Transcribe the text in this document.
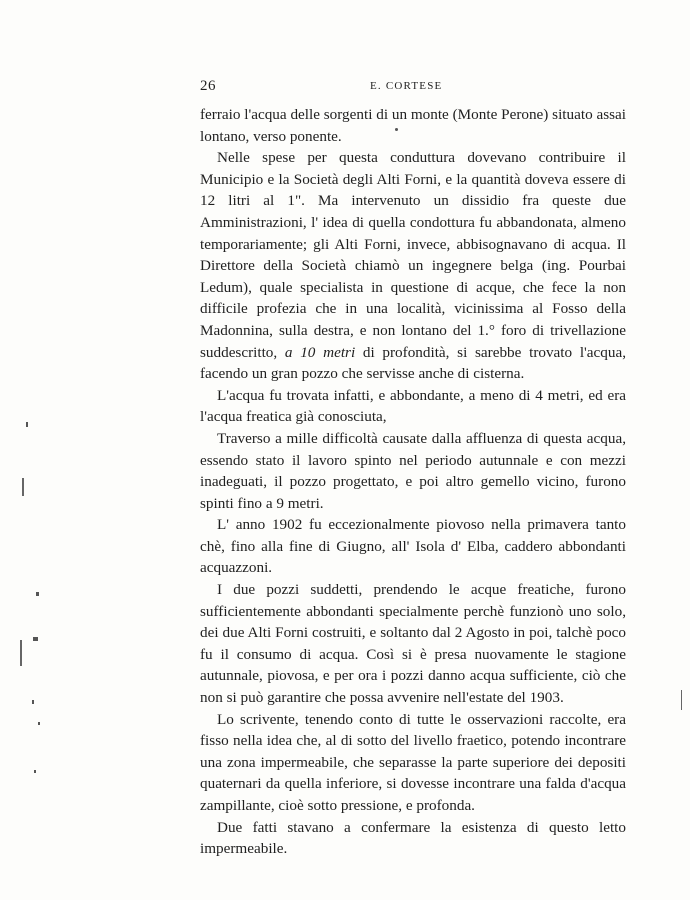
26	E. CORTESE

ferraio l'acqua delle sorgenti di un monte (Monte Perone) situato assai lontano, verso ponente.

Nelle spese per questa conduttura dovevano contribuire il Municipio e la Società degli Alti Forni, e la quantità doveva essere di 12 litri al 1". Ma intervenuto un dissidio fra queste due Amministrazioni, l' idea di quella condottura fu abbandonata, almeno temporariamente; gli Alti Forni, invece, abbisognavano di acqua. Il Direttore della Società chiamò un ingegnere belga (ing. Pourbai Ledum), quale specialista in questione di acque, che fece la non difficile profezia che in una località, vicinissima al Fosso della Madonnina, sulla destra, e non lontano del 1.° foro di trivellazione suddescritto, a 10 metri di profondità, si sarebbe trovato l'acqua, facendo un gran pozzo che servisse anche di cisterna.

L'acqua fu trovata infatti, e abbondante, a meno di 4 metri, ed era l'acqua freatica già conosciuta,

Traverso a mille difficoltà causate dalla affluenza di questa acqua, essendo stato il lavoro spinto nel periodo autunnale e con mezzi inadeguati, il pozzo progettato, e poi altro gemello vicino, furono spinti fino a 9 metri.

L' anno 1902 fu eccezionalmente piovoso nella primavera tanto chè, fino alla fine di Giugno, all' Isola d' Elba, caddero abbondanti acquazzoni.

I due pozzi suddetti, prendendo le acque freatiche, furono sufficientemente abbondanti specialmente perchè funzionò uno solo, dei due Alti Forni costruiti, e soltanto dal 2 Agosto in poi, talchè poco fu il consumo di acqua. Così si è presa nuovamente le stagione autunnale, piovosa, e per ora i pozzi danno acqua sufficiente, ciò che non si può garantire che possa avvenire nell'estate del 1903.

Lo scrivente, tenendo conto di tutte le osservazioni raccolte, era fisso nella idea che, al di sotto del livello fraetico, potendo incontrare una zona impermeabile, che separasse la parte superiore dei depositi quaternari da quella inferiore, si dovesse incontrare una falda d'acqua zampillante, cioè sotto pressione, e profonda.

Due fatti stavano a confermare la esistenza di questo letto impermeabile.
